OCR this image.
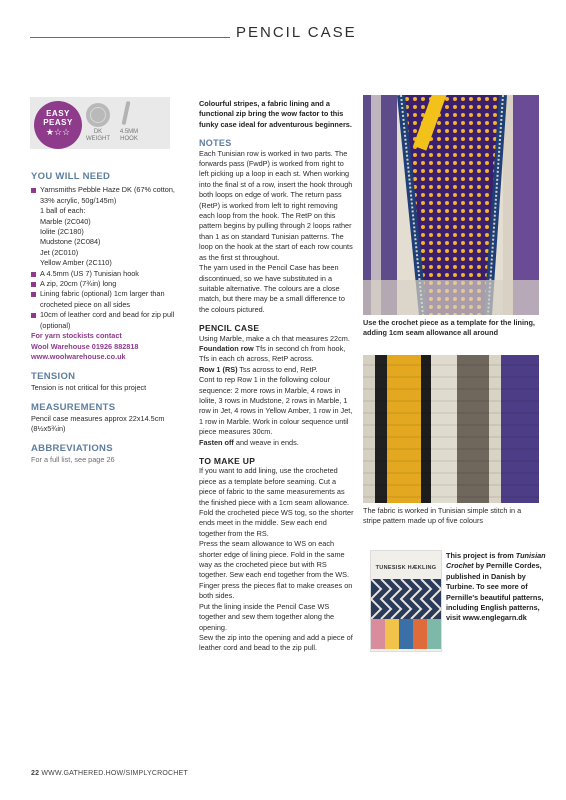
PENCIL CASE
EASY
PEASY
★☆☆	DK
WEIGHT
4.5MM
HOOK
YOU WILL NEED
Yarnsmiths Pebble Haze DK (67% cotton, 33% acrylic, 50g/145m)
1 ball of each:
Marble (2C040)
Iolite (2C180)
Mudstone (2C084)
Jet (2C010)
Yellow Amber (2C110)
A 4.5mm (US 7) Tunisian hook
A zip, 20cm (7¾in) long
Lining fabric (optional) 1cm larger than crocheted piece on all sides
10cm of leather cord and bead for zip pull (optional)
For yarn stockists contact
Wool Warehouse 01926 882818
www.woolwarehouse.co.uk
TENSION
Tension is not critical for this project
MEASUREMENTS
Pencil case measures approx 22x14.5cm (8½x5¾in)
ABBREVIATIONS
For a full list, see page 26
Colourful stripes, a fabric lining and a functional zip bring the wow factor to this funky case ideal for adventurous beginners.
NOTES
Each Tunisian row is worked in two parts. The forwards pass (FwdP) is worked from right to left picking up a loop in each st. When working into the final st of a row, insert the hook through both loops on edge of work. The return pass (RetP) is worked from left to right removing each loop from the hook. The RetP on this pattern begins by pulling through 2 loops rather than 1 as on standard Tunisian patterns. The loop on the hook at the start of each row counts as the first st throughout.
The yarn used in the Pencil Case has been discontinued, so we have substituted in a suitable alternative. The colours are a close match, but there may be a small difference to the colours pictured.
PENCIL CASE
Using Marble, make a ch that measures 22cm.
Foundation row Tfs in second ch from hook, Tfs in each ch across, RetP across.
Row 1 (RS) Tss across to end, RetP.
Cont to rep Row 1 in the following colour sequence: 2 more rows in Marble, 4 rows in Iolite, 3 rows in Mudstone, 2 rows in Marble, 1 row in Jet, 4 rows in Yellow Amber, 1 row in Jet, 1 row in Marble. Work in colour sequence until piece measures 30cm.
Fasten off and weave in ends.
TO MAKE UP
If you want to add lining, use the crocheted piece as a template before seaming. Cut a piece of fabric to the same measurements as the finished piece with a 1cm seam allowance.
Fold the crocheted piece WS tog, so the shorter ends meet in the middle. Sew each end together from the RS.
Press the seam allowance to WS on each shorter edge of lining piece. Fold in the same way as the crocheted piece but with RS together. Sew each end together from the WS. Finger press the pieces flat to make creases on both sides.
Put the lining inside the Pencil Case WS together and sew them together along the opening.
Sew the zip into the opening and add a piece of leather cord and bead to the zip pull.
Use the crochet piece as a template for the lining, adding 1cm seam allowance all around
The fabric is worked in Tunisian simple stitch in a stripe pattern made up of five colours
TUNESISK HÆKLING
This project is from Tunisian Crochet by Pernille Cordes, published in Danish by Turbine. To see more of Pernille's beautiful patterns, including English patterns, visit www.englegarn.dk
22 WWW.GATHERED.HOW/SIMPLYCROCHET
